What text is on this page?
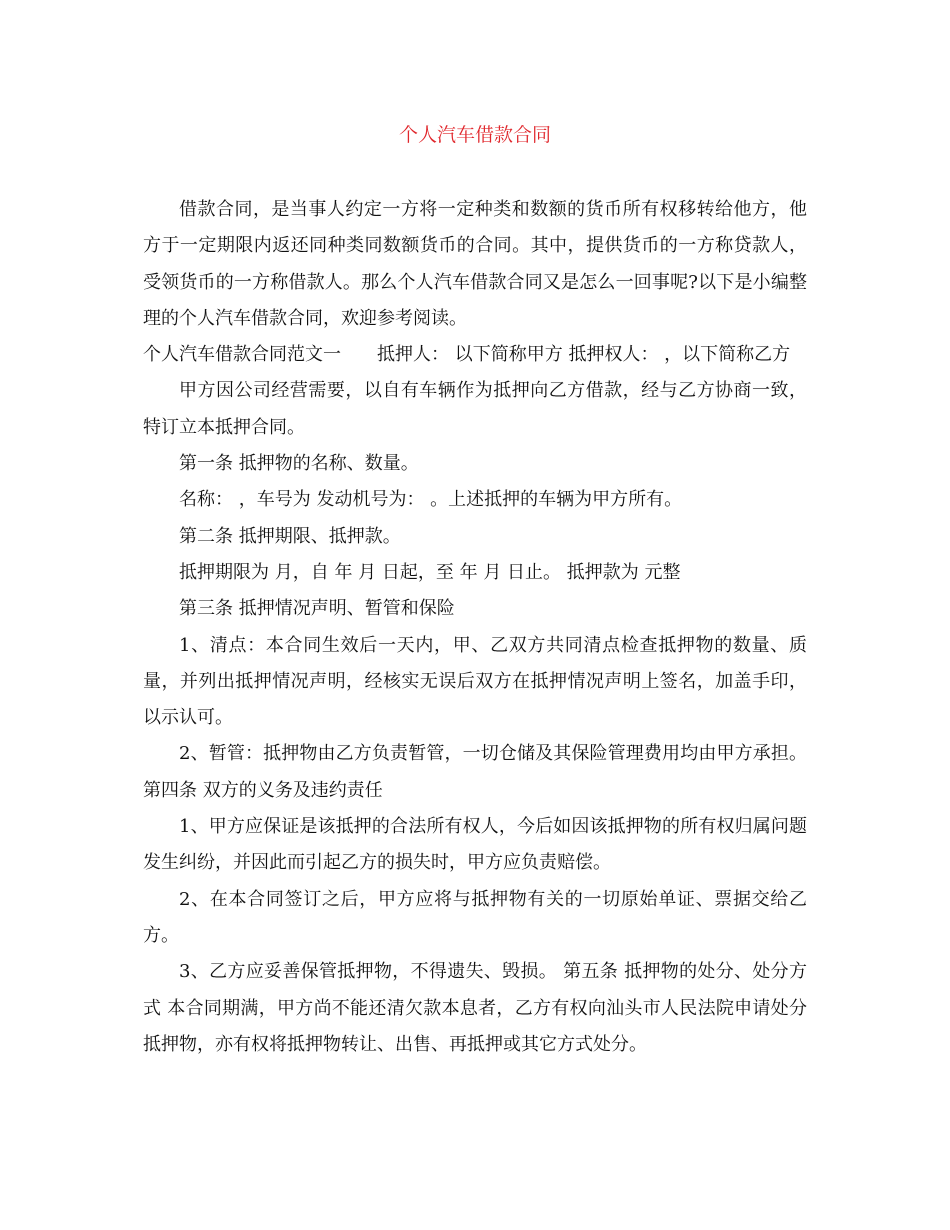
个人汽车借款合同

借款合同，是当事人约定一方将一定种类和数额的货币所有权移转给他方，他方于一定期限内返还同种类同数额货币的合同。其中，提供货币的一方称贷款人，受领货币的一方称借款人。那么个人汽车借款合同又是怎么一回事呢?以下是小编整理的个人汽车借款合同，欢迎参考阅读。

个人汽车借款合同范文一　　抵押人： 以下简称甲方 抵押权人： ，以下简称乙方

甲方因公司经营需要，以自有车辆作为抵押向乙方借款，经与乙方协商一致，特订立本抵押合同。

第一条 抵押物的名称、数量。

名称： ，车号为 发动机号为： 。上述抵押的车辆为甲方所有。

第二条 抵押期限、抵押款。

抵押期限为 月，自 年 月 日起，至 年 月 日止。 抵押款为 元整

第三条 抵押情况声明、暂管和保险

1、清点：本合同生效后一天内，甲、乙双方共同清点检查抵押物的数量、质量，并列出抵押情况声明，经核实无误后双方在抵押情况声明上签名，加盖手印，以示认可。

2、暂管：抵押物由乙方负责暂管，一切仓储及其保险管理费用均由甲方承担。 第四条 双方的义务及违约责任

1、甲方应保证是该抵押的合法所有权人，今后如因该抵押物的所有权归属问题发生纠纷，并因此而引起乙方的损失时，甲方应负责赔偿。

2、在本合同签订之后，甲方应将与抵押物有关的一切原始单证、票据交给乙方。

3、乙方应妥善保管抵押物，不得遗失、毁损。 第五条 抵押物的处分、处分方式 本合同期满，甲方尚不能还清欠款本息者，乙方有权向汕头市人民法院申请处分抵押物，亦有权将抵押物转让、出售、再抵押或其它方式处分。
